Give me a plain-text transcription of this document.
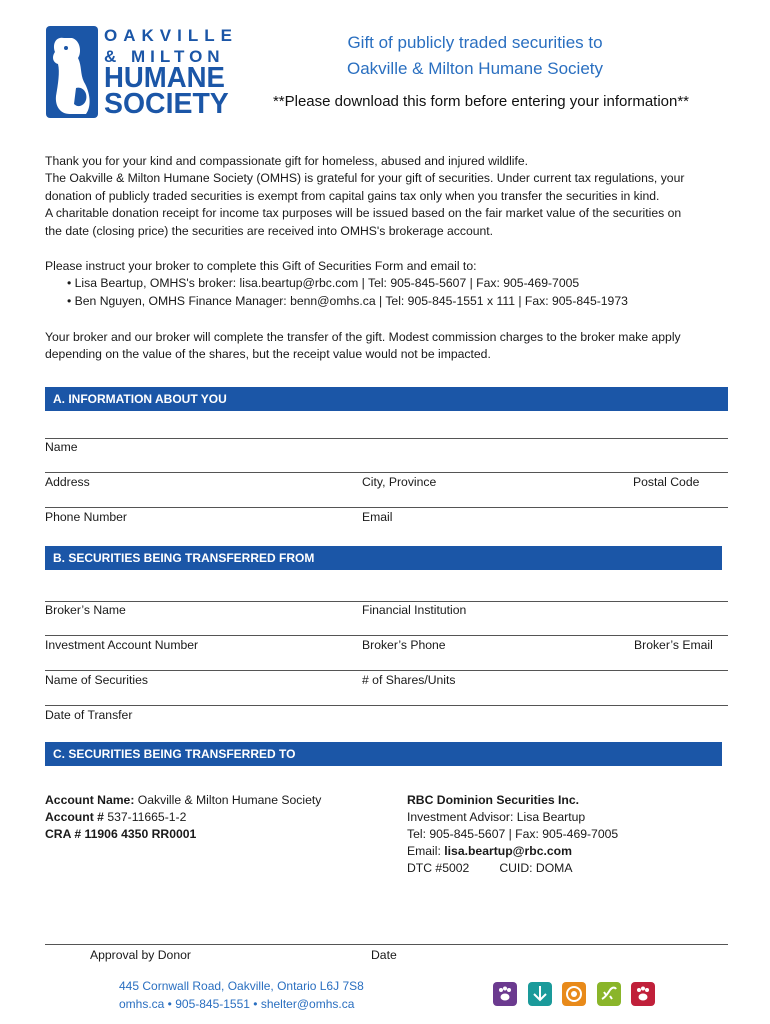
OAKVILLE
& MILTON
HUMANE
SOCIETY
Gift of publicly traded securities to
Oakville & Milton Humane Society
**Please download this form before entering your information**

Thank you for your kind and compassionate gift for homeless, abused and injured wildlife.

The Oakville & Milton Humane Society (OMHS) is grateful for your gift of securities. Under current tax regulations, your

donation of publicly traded securities is exempt from capital gains tax only when you transfer the securities in kind.

A charitable donation receipt for income tax purposes will be issued based on the fair market value of the securities on

the date (closing price) the securities are received into OMHS's brokerage account.

Please instruct your broker to complete this Gift of Securities Form and email to:

• Lisa Beartup, OMHS's broker: lisa.beartup@rbc.com | Tel: 905-845-5607 | Fax: 905-469-7005

• Ben Nguyen, OMHS Finance Manager: benn@omhs.ca | Tel: 905-845-1551 x 111 | Fax: 905-845-1973

Your broker and our broker will complete the transfer of the gift. Modest commission charges to the broker make apply

depending on the value of the shares, but the receipt value would not be impacted.

A. INFORMATION ABOUT YOU
Name
Address	City, Province	Postal Code
Phone Number	Email
B. SECURITIES BEING TRANSFERRED FROM
Broker’s Name	Financial Institution
Investment Account Number	Broker’s Phone	Broker’s Email
Name of Securities	# of Shares/Units
Date of Transfer
C. SECURITIES BEING TRANSFERRED TO
Account Name: Oakville & Milton Humane Society
Account # 537-11665-1-2
CRA # 11906 4350 RR0001
RBC Dominion Securities Inc.
Investment Advisor: Lisa Beartup
Tel: 905-845-5607 | Fax: 905-469-7005
Email: lisa.beartup@rbc.com
DTC #5002 CUID: DOMA
Approval by Donor	Date
445 Cornwall Road, Oakville, Ontario L6J 7S8
omhs.ca • 905-845-1551 • shelter@omhs.ca
